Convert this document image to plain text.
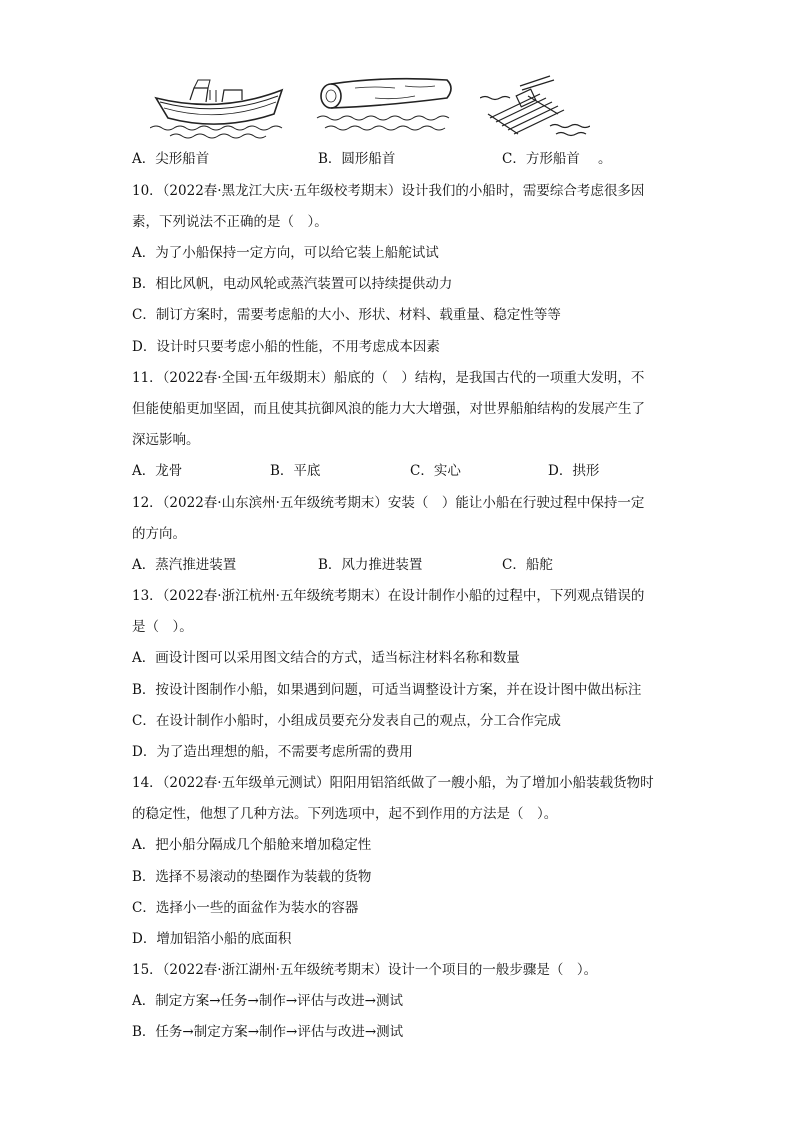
A．尖形船首	B．圆形船首	C．方形船首 。
10．（2022春·黑龙江大庆·五年级校考期末）设计我们的小船时，需要综合考虑很多因
素，下列说法不正确的是（　）。
A．为了小船保持一定方向，可以给它装上船舵试试
B．相比风帆，电动风轮或蒸汽装置可以持续提供动力
C．制订方案时，需要考虑船的大小、形状、材料、载重量、稳定性等等
D．设计时只要考虑小船的性能，不用考虑成本因素
11．（2022春·全国·五年级期末）船底的（　）结构，是我国古代的一项重大发明，不
但能使船更加坚固，而且使其抗御风浪的能力大大增强，对世界船舶结构的发展产生了
深远影响。
A．龙骨	B．平底	C．实心	D．拱形
12．（2022春·山东滨州·五年级统考期末）安装（　）能让小船在行驶过程中保持一定
的方向。
A．蒸汽推进装置	B．风力推进装置	C．船舵
13．（2022春·浙江杭州·五年级统考期末）在设计制作小船的过程中，下列观点错误的
是（　）。
A．画设计图可以采用图文结合的方式，适当标注材料名称和数量
B．按设计图制作小船，如果遇到问题，可适当调整设计方案，并在设计图中做出标注
C．在设计制作小船时，小组成员要充分发表自己的观点，分工合作完成
D．为了造出理想的船，不需要考虑所需的费用
14．（2022春·五年级单元测试）阳阳用铝箔纸做了一艘小船，为了增加小船装载货物时
的稳定性，他想了几种方法。下列选项中，起不到作用的方法是（　）。
A．把小船分隔成几个船舱来增加稳定性
B．选择不易滚动的垫圈作为装载的货物
C．选择小一些的面盆作为装水的容器
D．增加铝箔小船的底面积
15．（2022春·浙江湖州·五年级统考期末）设计一个项目的一般步骤是（　）。
A．制定方案→任务→制作→评估与改进→测试
B．任务→制定方案→制作→评估与改进→测试
